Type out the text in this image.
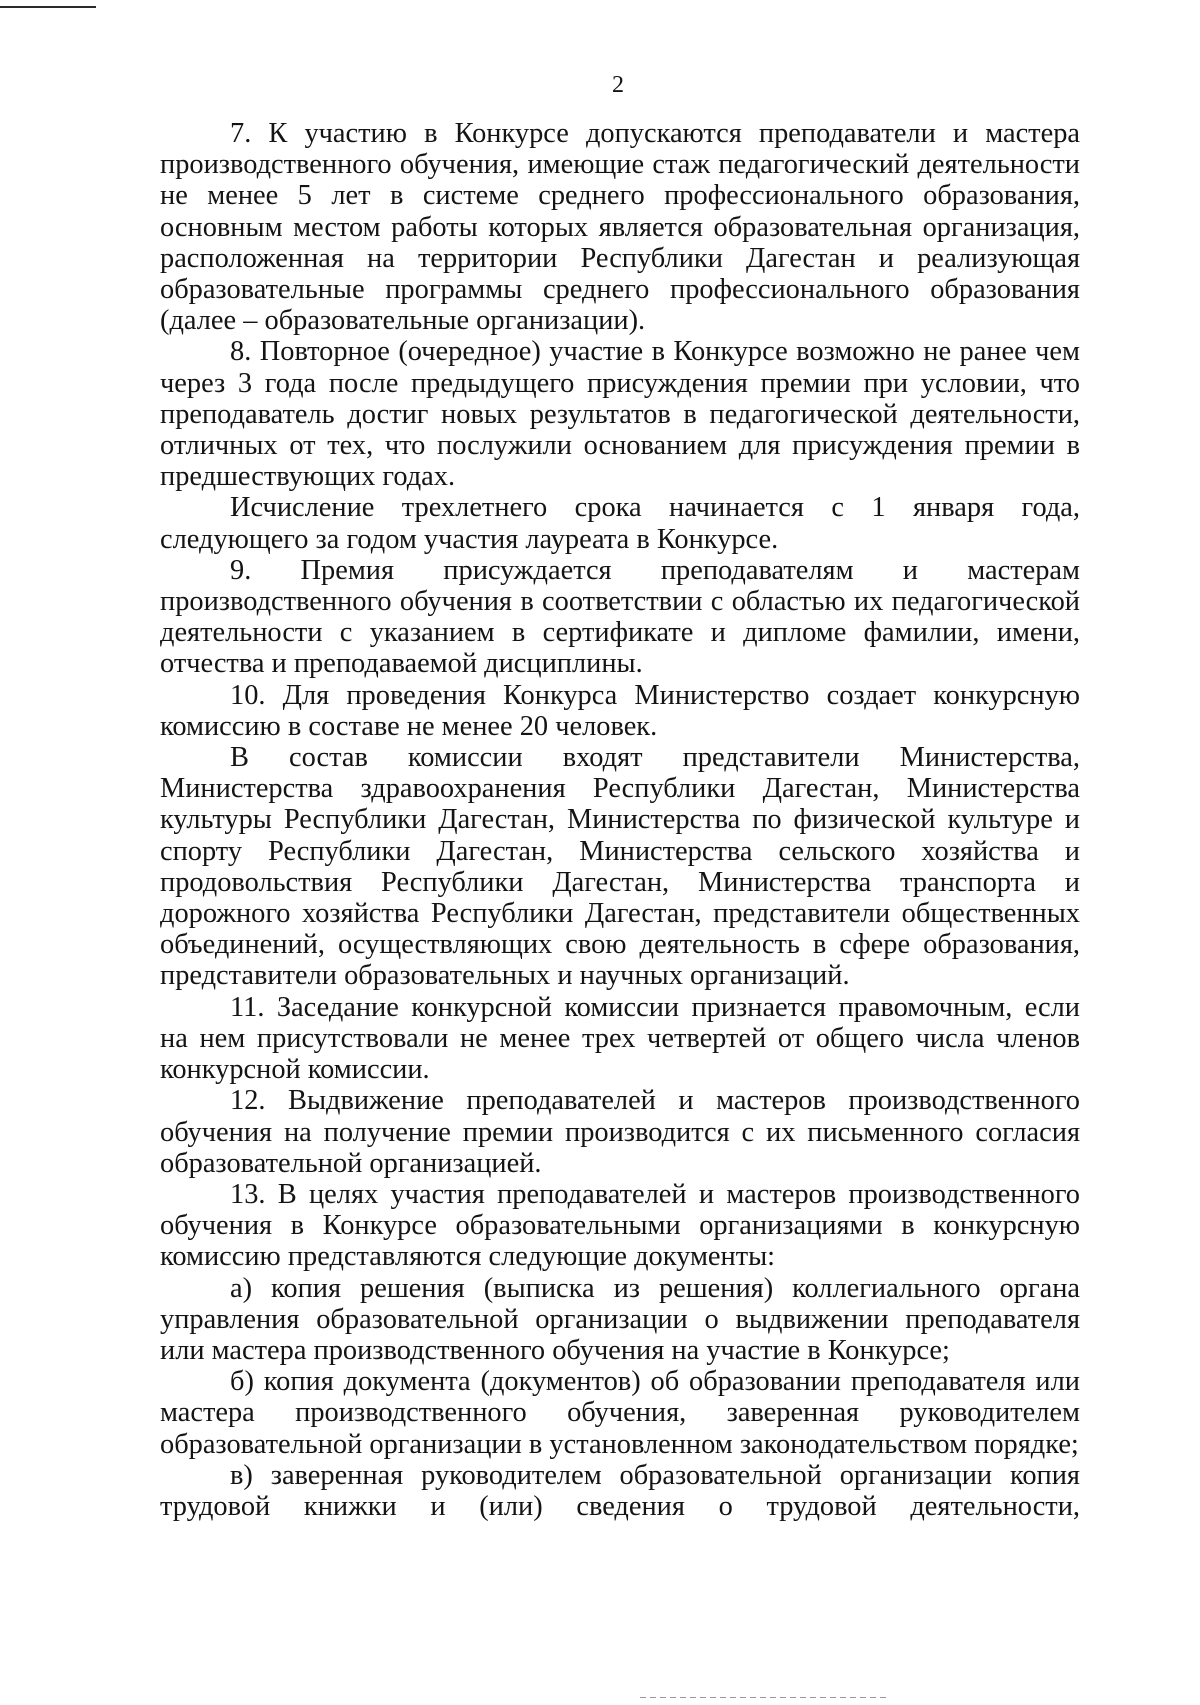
2

7. К участию в Конкурсе допускаются преподаватели и мастера производственного обучения, имеющие стаж педагогический деятельности не менее 5 лет в системе среднего профессионального образования, основным местом работы которых является образовательная организация, расположенная на территории Республики Дагестан и реализующая образовательные программы среднего профессионального образования (далее – образовательные организации).

8. Повторное (очередное) участие в Конкурсе возможно не ранее чем через 3 года после предыдущего присуждения премии при условии, что преподаватель достиг новых результатов в педагогической деятельности, отличных от тех, что послужили основанием для присуждения премии в предшествующих годах.

Исчисление трехлетнего срока начинается с 1 января года, следующего за годом участия лауреата в Конкурсе.

9. Премия присуждается преподавателям и мастерам производственного обучения в соответствии с областью их педагогической деятельности с указанием в сертификате и дипломе фамилии, имени, отчества и преподаваемой дисциплины.

10. Для проведения Конкурса Министерство создает конкурсную комиссию в составе не менее 20 человек.

В состав комиссии входят представители Министерства, Министерства здравоохранения Республики Дагестан, Министерства культуры Республики Дагестан, Министерства по физической культуре и спорту Республики Дагестан, Министерства сельского хозяйства и продовольствия Республики Дагестан, Министерства транспорта и дорожного хозяйства Республики Дагестан, представители общественных объединений, осуществляющих свою деятельность в сфере образования, представители образовательных и научных организаций.

11. Заседание конкурсной комиссии признается правомочным, если на нем присутствовали не менее трех четвертей от общего числа членов конкурсной комиссии.

12. Выдвижение преподавателей и мастеров производственного обучения на получение премии производится с их письменного согласия образовательной организацией.

13. В целях участия преподавателей и мастеров производственного обучения в Конкурсе образовательными организациями в конкурсную комиссию представляются следующие документы:

а) копия решения (выписка из решения) коллегиального органа управления образовательной организации о выдвижении преподавателя или мастера производственного обучения на участие в Конкурсе;

б) копия документа (документов) об образовании преподавателя или мастера производственного обучения, заверенная руководителем образовательной организации в установленном законодательством порядке;

в) заверенная руководителем образовательной организации копия трудовой книжки и (или) сведения о трудовой деятельности,
